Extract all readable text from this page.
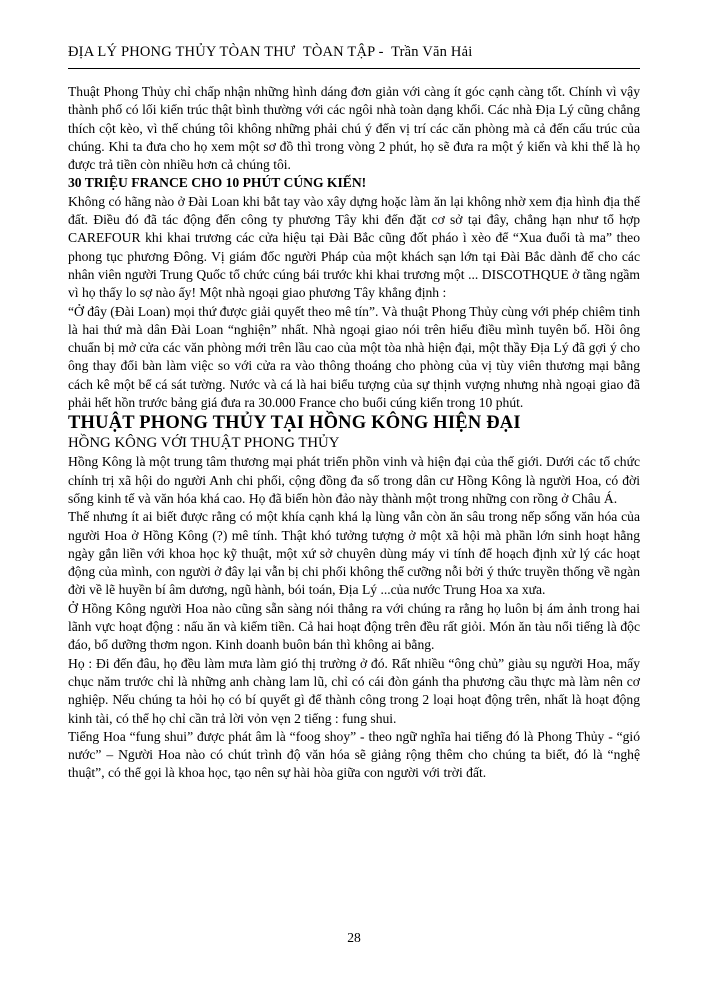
ĐỊA LÝ PHONG THỦY TÒAN THƯ  TÒAN TẬP -  Trần Văn Hải

Thuật Phong Thủy chỉ chấp nhận những hình dáng đơn giản với càng ít góc cạnh càng tốt. Chính vì vậy thành phố có lối kiến trúc thật bình thường với các ngôi nhà toàn dạng khối. Các nhà Địa Lý cũng chẳng thích cột kèo, vì thế chúng tôi không những phải chú ý đến vị trí các căn phòng mà cả đến cấu trúc của chúng. Khi ta đưa cho họ xem một sơ đồ thì trong vòng 2 phút, họ sẽ đưa ra một ý kiến và khi thế là họ được trả tiền còn nhiều hơn cả chúng tôi.

30 TRIỆU FRANCE CHO 10 PHÚT CÚNG KIẾN!

Không có hãng nào ở Đài Loan khi bắt tay vào xây dựng hoặc làm ăn lại không nhờ xem địa hình địa thế đất. Điều đó đã tác động đến công ty phương Tây khi đến đặt cơ sở tại đây, chẳng hạn như tổ hợp CAREFOUR khi khai trương các cửa hiệu tại Đài Bắc cũng đốt pháo ì xèo để “Xua đuổi tà ma” theo phong tục phương Đông. Vị giám đốc người Pháp của một khách sạn lớn tại Đài Bắc dành để cho các nhân viên người Trung Quốc tổ chức cúng bái trước khi khai trương một ... DISCOTHQUE ở tầng ngầm vì họ thấy lo sợ nào ấy! Một nhà ngoại giao phương Tây khẳng định :

“Ở đây (Đài Loan) mọi thứ được giải quyết theo mê tín”. Và thuật Phong Thủy cùng với phép chiêm tinh là hai thứ mà dân Đài Loan “nghiện” nhất. Nhà ngoại giao nói trên hiểu điều mình tuyên bố. Hồi ông chuẩn bị mở cửa các văn phòng mới trên lầu cao của một tòa nhà hiện đại, một thầy Địa Lý đã gợi ý cho ông thay đổi bàn làm việc so với cửa ra vào thông thoáng cho phòng của vị tùy viên thương mại bằng cách kê một bể cá sát tường. Nước và cá là hai biểu tượng của sự thịnh vượng nhưng nhà ngoại giao đã phải hết hồn trước bảng giá đưa ra 30.000 France cho buổi cúng kiến trong 10 phút.

THUẬT PHONG THỦY TẠI HỒNG KÔNG HIỆN ĐẠI

HỒNG KÔNG VỚI THUẬT PHONG THỦY

Hồng Kông là một trung tâm thương mại phát triển phồn vinh và hiện đại của thế giới. Dưới các tổ chức chính trị xã hội do người Anh chi phối, cộng đồng đa số trong dân cư Hồng Kông là người Hoa, có đời sống kinh tế và văn hóa khá cao. Họ đã biến hòn đảo này thành một trong những con rồng ở Châu Á.

Thế nhưng ít ai biết được rằng có một khía cạnh khá lạ lùng vẫn còn ăn sâu trong nếp sống văn hóa của người Hoa ở Hồng Kông (?) mê tính. Thật khó tưởng tượng ở một xã hội mà phần lớn sinh hoạt hằng ngày gắn liền với khoa học kỹ thuật, một xứ sở chuyên dùng máy vi tính để hoạch định xử lý các hoạt động của mình, con người ở đây lại vẫn bị chi phối không thể cưỡng nỗi bởi ý thức truyền thống về ngàn đời về lẽ huyền bí âm dương, ngũ hành, bói toán, Địa Lý ...của nước Trung Hoa xa xưa.

Ở Hồng Kông người Hoa nào cũng sẵn sàng nói thẳng ra với chúng ra rằng họ luôn bị ám ảnh trong hai lãnh vực hoạt động : nấu ăn và kiếm tiền. Cả hai hoạt động trên đều rất giỏi. Món ăn tàu nổi tiếng là độc đáo, bổ dưỡng thơm ngon. Kinh doanh buôn bán thì không ai bằng.

Họ : Đi đến đâu, họ đều làm mưa làm gió thị trường ở đó. Rất nhiều “ông chủ” giàu sụ người Hoa, mấy chục năm trước chỉ là những anh chàng lam lũ, chỉ có cái đòn gánh tha phương cầu thực mà làm nên cơ nghiệp. Nếu chúng ta hỏi họ có bí quyết gì để thành công trong 2 loại hoạt động trên, nhất là hoạt động kinh tài, có thể họ chỉ cần trả lời vỏn vẹn 2 tiếng : fung shui.

Tiếng Hoa “fung shui” được phát âm là “foog shoy” - theo ngữ nghĩa hai tiếng đó là Phong Thủy - “gió nước” – Người Hoa nào có chút trình độ văn hóa sẽ giảng rộng thêm cho chúng ta biết, đó là “nghệ thuật”, có thể gọi là khoa học, tạo nên sự hài hòa giữa con người với trời đất.

28
